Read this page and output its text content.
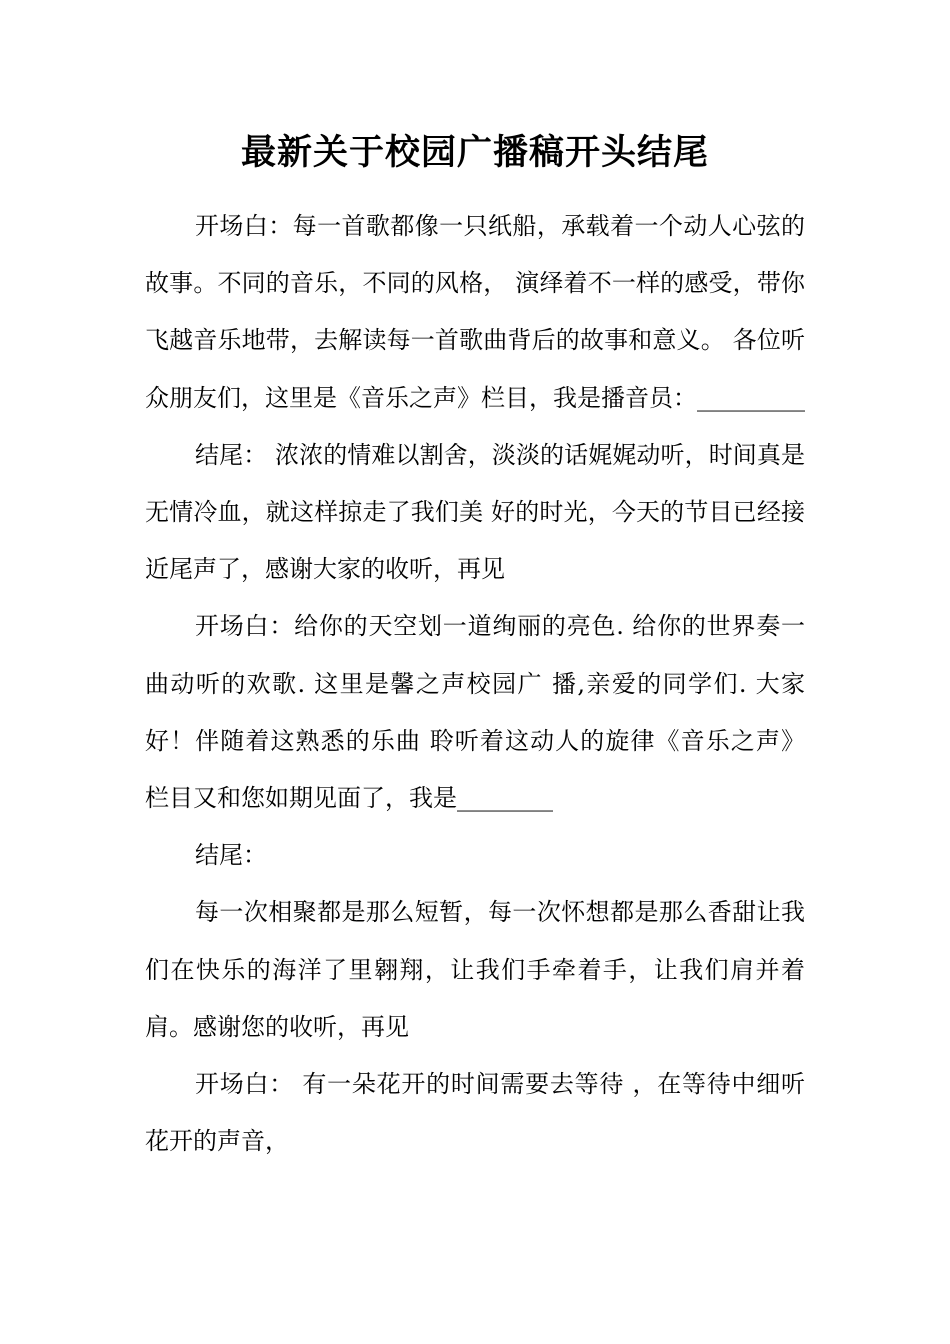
最新关于校园广播稿开头结尾

开场白：每一首歌都像一只纸船，承载着一个动人心弦的故事。不同的音乐，不同的风格， 演绎着不一样的感受，带你飞越音乐地带，去解读每一首歌曲背后的故事和意义。 各位听众朋友们，这里是《音乐之声》栏目，我是播音员：_________

结尾： 浓浓的情难以割舍，淡淡的话娓娓动听，时间真是无情冷血，就这样掠走了我们美 好的时光，今天的节目已经接近尾声了，感谢大家的收听，再见

开场白：给你的天空划一道绚丽的亮色. 给你的世界奏一曲动听的欢歌. 这里是馨之声校园广 播,亲爱的同学们. 大家好！伴随着这熟悉的乐曲 聆听着这动人的旋律《音乐之声》 栏目又和您如期见面了，我是________

结尾：

每一次相聚都是那么短暂，每一次怀想都是那么香甜让我们在快乐的海洋了里翱翔，让我们手牵着手，让我们肩并着肩。感谢您的收听，再见

开场白： 有一朵花开的时间需要去等待 ，在等待中细听花开的声音，
